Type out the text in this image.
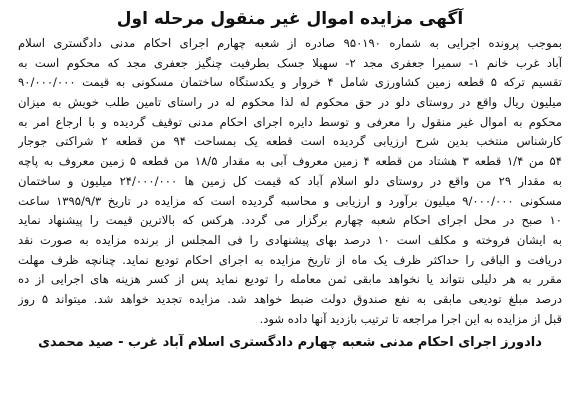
آگهی مزایده اموال غیر منقول مرحله اول
بموجب پرونده اجرایی به شماره ۹۵۰۱۹۰ صادره از شعبه چهارم اجرای احکام مدنی دادگستری اسلام
آباد غرب خانم ۱- سمیرا جعفری مجد ۲- سهیلا جسک بطرفیت چنگیز جعفری مجد که محکوم است به
تقسیم ترکه ۵ قطعه زمین کشاورزی شامل ۴ خروار و یکدستگاه ساختمان مسکونی به قیمت ۹۰/۰۰۰/۰۰۰
میلیون ریال واقع در روستای دلو در حق محکوم له لذا محکوم له در راستای تامین طلب خویش به میزان
محکوم به اموال غیر منقول را معرفی و توسط دایره اجرای احکام مدنی توقیف گردیده و با ارجاع امر به
کارشناس منتخب بدین شرح ارزیابی گردیده است قطعه یک بمساحت ۹۴ من قطعه ۲ شراکتی جوجار
۵۴ من ۱/۴ قطعه ۳ هشتاد من قطعه ۴ زمین معروف آبی به مقدار ۱۸/۵ من قطعه ۵ زمین معروف به پاچه
به مقدار ۲۹ من واقع در روستای دلو اسلام آباد که قیمت کل زمین ها ۲۴/۰۰۰/۰۰۰ میلیون و ساختمان
مسکونی ۹/۰۰۰/۰۰۰ میلیون برآورد و ارزیابی و محاسبه گردیده است که مزایده در تاریخ ۱۳۹۵/۹/۳ ساعت
۱۰ صبح در محل اجرای احکام شعبه چهارم برگزار می گردد. هرکس که بالاترین قیمت را پیشنهاد نماید
به ایشان فروخته و مکلف است ۱۰ درصد بهای پیشنهادی را فی المجلس از برنده مزایده به صورت نقد
دریافت و الباقی را حداکثر ظرف یک ماه از تاریخ مزایده به اجرای احکام تودیع نماید. چنانچه ظرف مهلت
مقرر به هر دلیلی نتواند یا نخواهد مابقی ثمن معامله را تودیع نماید پس از کسر هزینه های اجرایی از ده
درصد مبلغ تودیعی مابقی به نفع صندوق دولت ضبط خواهد شد. مزایده تجدید خواهد شد. میتواند ۵ روز
قبل از مزایده به این اجرا مراجعه تا ترتیب بازدید آنها داده شود.
دادورز اجرای احکام مدنی شعبه چهارم دادگستری اسلام آباد غرب - صید محمدی
